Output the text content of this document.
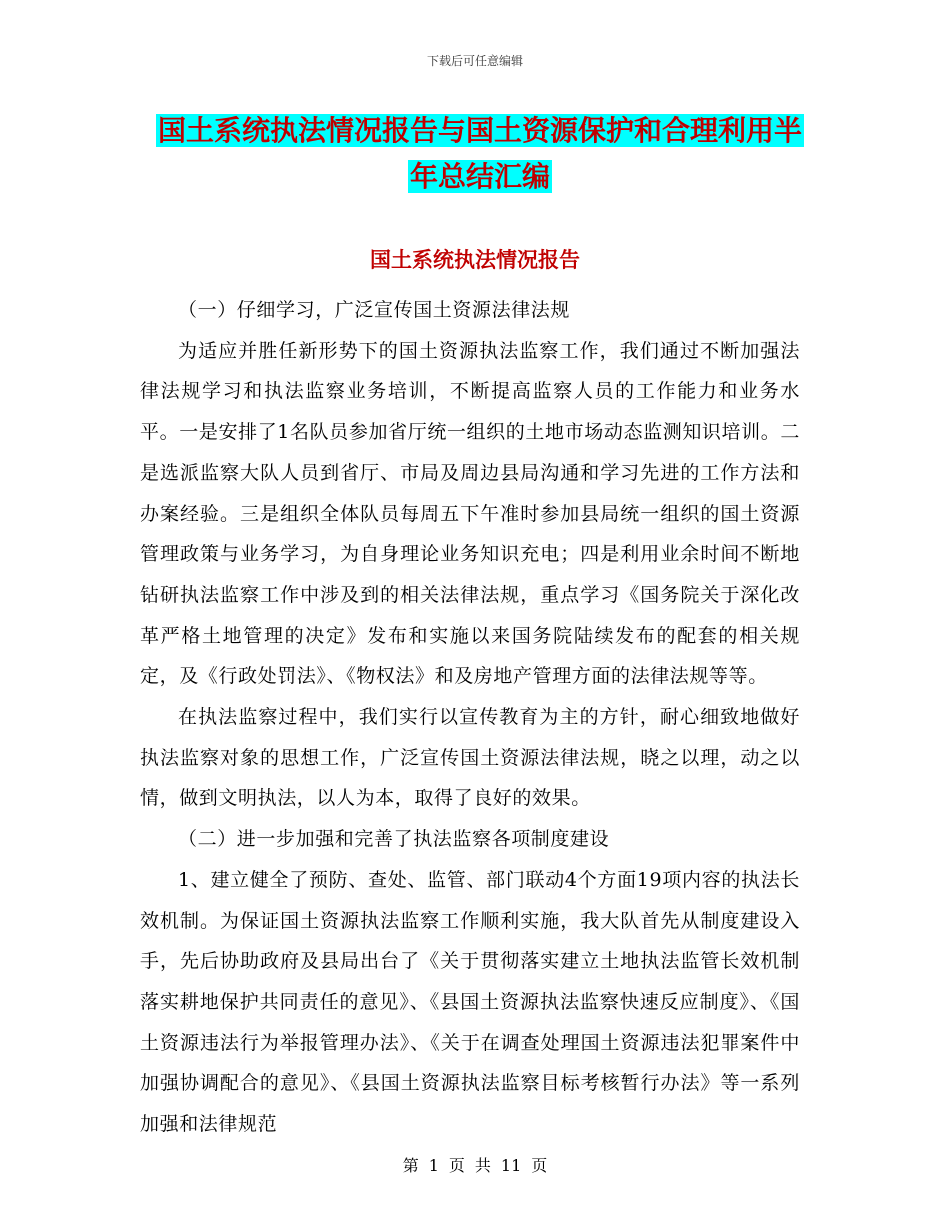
下载后可任意编辑
国土系统执法情况报告与国土资源保护和合理利用半
年总结汇编
国土系统执法情况报告

（一）仔细学习，广泛宣传国土资源法律法规

为适应并胜任新形势下的国土资源执法监察工作，我们通过不断加强法律法规学习和执法监察业务培训，不断提高监察人员的工作能力和业务水平。一是安排了1名队员参加省厅统一组织的土地市场动态监测知识培训。二是选派监察大队人员到省厅、市局及周边县局沟通和学习先进的工作方法和办案经验。三是组织全体队员每周五下午准时参加县局统一组织的国土资源管理政策与业务学习，为自身理论业务知识充电；四是利用业余时间不断地钻研执法监察工作中涉及到的相关法律法规，重点学习《国务院关于深化改革严格土地管理的决定》发布和实施以来国务院陆续发布的配套的相关规定，及《行政处罚法》、《物权法》和及房地产管理方面的法律法规等等。

在执法监察过程中，我们实行以宣传教育为主的方针，耐心细致地做好执法监察对象的思想工作，广泛宣传国土资源法律法规，晓之以理，动之以情，做到文明执法，以人为本，取得了良好的效果。

（二）进一步加强和完善了执法监察各项制度建设

1、建立健全了预防、查处、监管、部门联动4个方面19项内容的执法长效机制。为保证国土资源执法监察工作顺利实施，我大队首先从制度建设入手，先后协助政府及县局出台了《关于贯彻落实建立土地执法监管长效机制落实耕地保护共同责任的意见》、《县国土资源执法监察快速反应制度》、《国土资源违法行为举报管理办法》、《关于在调查处理国土资源违法犯罪案件中加强协调配合的意见》、《县国土资源执法监察目标考核暂行办法》等一系列加强和法律规范

第 1 页 共 11 页
